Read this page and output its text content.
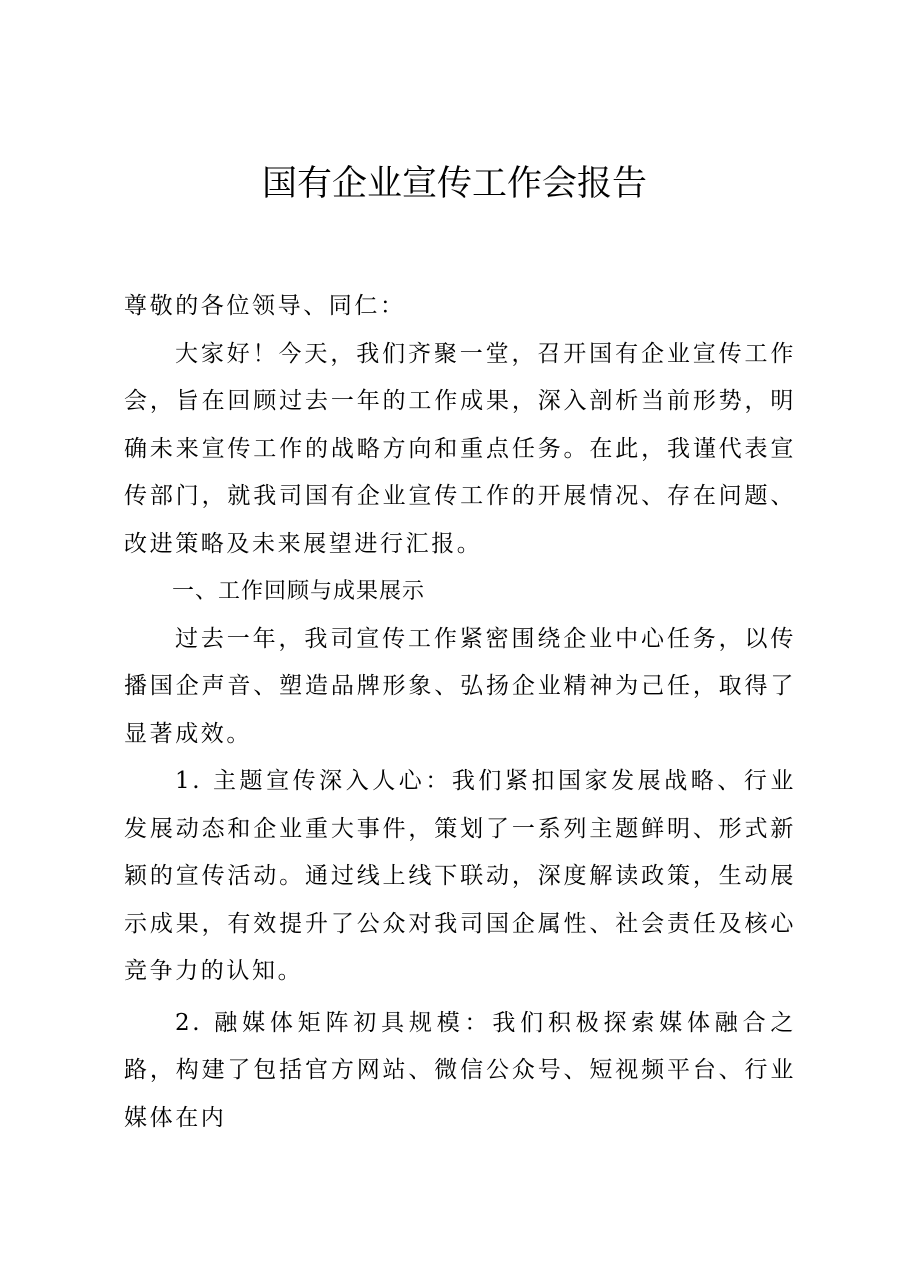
国有企业宣传工作会报告

尊敬的各位领导、同仁：

大家好！今天，我们齐聚一堂，召开国有企业宣传工作会，旨在回顾过去一年的工作成果，深入剖析当前形势，明确未来宣传工作的战略方向和重点任务。在此，我谨代表宣传部门，就我司国有企业宣传工作的开展情况、存在问题、改进策略及未来展望进行汇报。

一、工作回顾与成果展示

过去一年，我司宣传工作紧密围绕企业中心任务，以传播国企声音、塑造品牌形象、弘扬企业精神为己任，取得了显著成效。

1. 主题宣传深入人心：我们紧扣国家发展战略、行业发展动态和企业重大事件，策划了一系列主题鲜明、形式新颖的宣传活动。通过线上线下联动，深度解读政策，生动展示成果，有效提升了公众对我司国企属性、社会责任及核心竞争力的认知。

2. 融媒体矩阵初具规模：我们积极探索媒体融合之路，构建了包括官方网站、微信公众号、短视频平台、行业媒体在内
